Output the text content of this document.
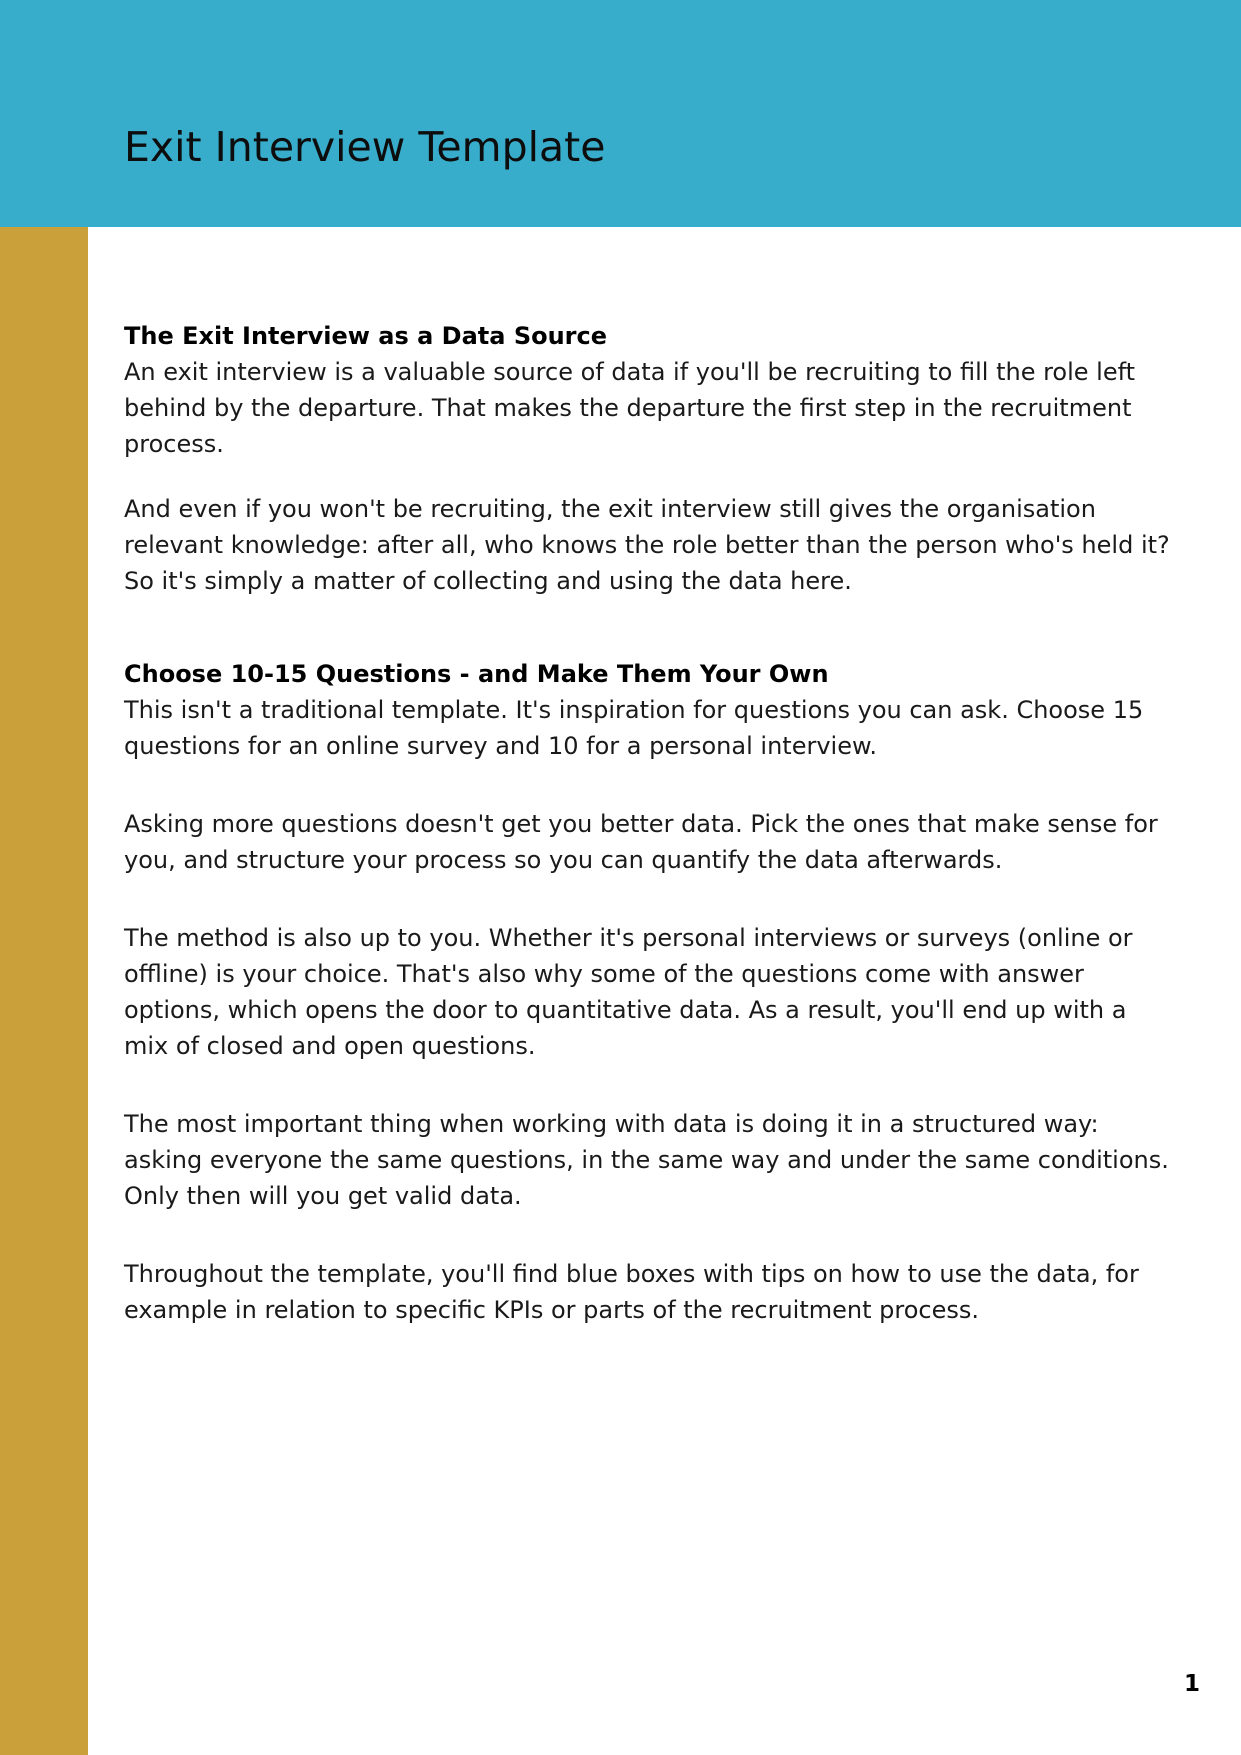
Exit Interview Template
The Exit Interview as a Data Source

An exit interview is a valuable source of data if you'll be recruiting to fill the role left behind by the departure. That makes the departure the first step in the recruitment process.

And even if you won't be recruiting, the exit interview still gives the organisation relevant knowledge: after all, who knows the role better than the person who's held it? So it's simply a matter of collecting and using the data here.

Choose 10-15 Questions - and Make Them Your Own

This isn't a traditional template. It's inspiration for questions you can ask. Choose 15 questions for an online survey and 10 for a personal interview.

Asking more questions doesn't get you better data. Pick the ones that make sense for you, and structure your process so you can quantify the data afterwards.

The method is also up to you. Whether it's personal interviews or surveys (online or offline) is your choice. That's also why some of the questions come with answer options, which opens the door to quantitative data. As a result, you'll end up with a mix of closed and open questions.

The most important thing when working with data is doing it in a structured way: asking everyone the same questions, in the same way and under the same conditions. Only then will you get valid data.

Throughout the template, you'll find blue boxes with tips on how to use the data, for example in relation to specific KPIs or parts of the recruitment process.

1
